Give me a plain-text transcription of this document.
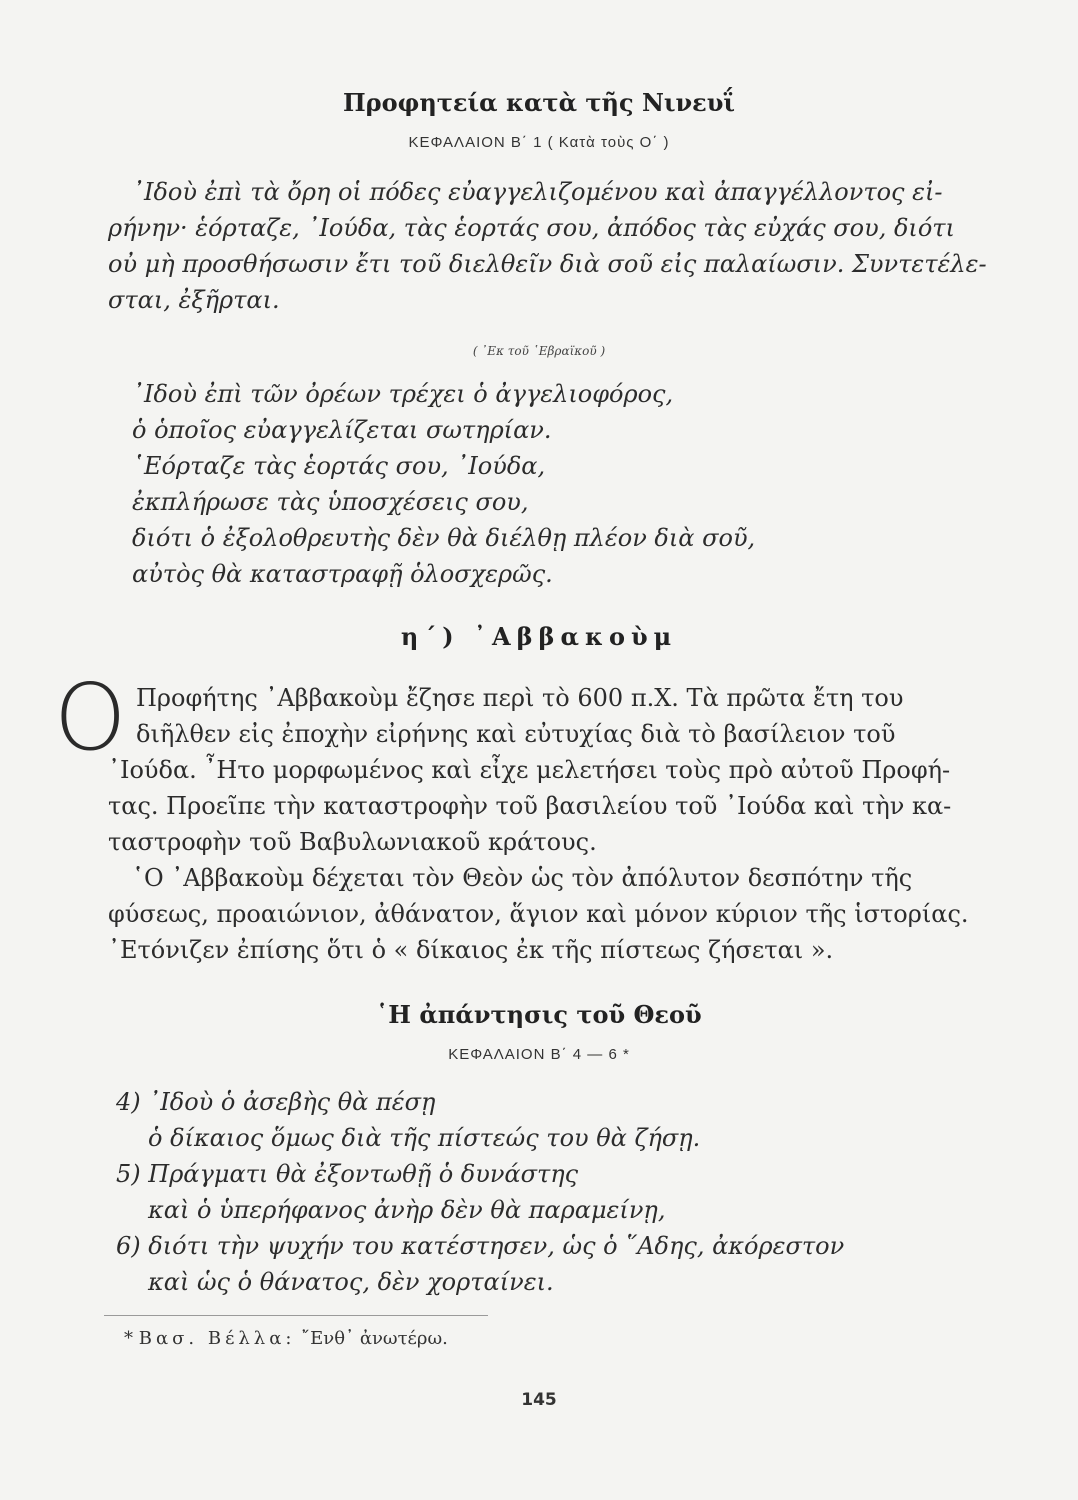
Προφητεία κατὰ τῆς Νινευΐ
ΚΕΦΑΛΑΙΟΝ Β΄ 1 ( Κατὰ τοὺς Ο΄ )
᾿Ιδοὺ ἐπὶ τὰ ὄρη οἱ πόδες εὐαγγελιζομένου καὶ ἀπαγγέλλοντος εἰ-
ρήνην· ἑόρταζε, ᾿Ιούδα, τὰς ἑορτάς σου, ἀπόδος τὰς εὐχάς σου, διότι
οὐ μὴ προσθήσωσιν ἔτι τοῦ διελθεῖν διὰ σοῦ εἰς παλαίωσιν. Συντετέλε-
σται, ἐξῆρται.
( ᾿Εκ τοῦ ῾Εβραϊκοῦ )
᾿Ιδοὺ ἐπὶ τῶν ὀρέων τρέχει ὁ ἀγγελιοφόρος,
ὁ ὁποῖος εὐαγγελίζεται σωτηρίαν.
῾Εόρταζε τὰς ἑορτάς σου, ᾿Ιούδα,
ἐκπλήρωσε τὰς ὑποσχέσεις σου,
διότι ὁ ἐξολοθρευτὴς δὲν θὰ διέλθῃ πλέον διὰ σοῦ,
αὐτὸς θὰ καταστραφῇ ὁλοσχερῶς.
η΄) ᾿Αββακοὺμ
Ο Προφήτης ᾿Αββακοὺμ ἔζησε περὶ τὸ 600 π.Χ. Τὰ πρῶτα ἔτη του
διῆλθεν εἰς ἐποχὴν εἰρήνης καὶ εὐτυχίας διὰ τὸ βασίλειον τοῦ
᾿Ιούδα. ῏Ητο μορφωμένος καὶ εἶχε μελετήσει τοὺς πρὸ αὐτοῦ Προφή-
τας. Προεῖπε τὴν καταστροφὴν τοῦ βασιλείου τοῦ ᾿Ιούδα καὶ τὴν κα-
ταστροφὴν τοῦ Βαβυλωνιακοῦ κράτους.
῾Ο ᾿Αββακοὺμ δέχεται τὸν Θεὸν ὡς τὸν ἀπόλυτον δεσπότην τῆς
φύσεως, προαιώνιον, ἀθάνατον, ἅγιον καὶ μόνον κύριον τῆς ἱστορίας.
᾿Ετόνιζεν ἐπίσης ὅτι ὁ « δίκαιος ἐκ τῆς πίστεως ζήσεται ».
῾Η ἀπάντησις τοῦ Θεοῦ
ΚΕΦΑΛΑΙΟΝ Β΄ 4 — 6 *
4) ᾿Ιδοὺ ὁ ἀσεβὴς θὰ πέσῃ
ὁ δίκαιος ὅμως διὰ τῆς πίστεώς του θὰ ζήσῃ.
5) Πράγματι θὰ ἐξοντωθῇ ὁ δυνάστης
καὶ ὁ ὑπερήφανος ἀνὴρ δὲν θὰ παραμείνῃ,
6) διότι τὴν ψυχήν του κατέστησεν, ὡς ὁ ῞Αδης, ἀκόρεστον
καὶ ὡς ὁ θάνατος, δὲν χορταίνει.
* Βασ. Βέλλα: ῎Ενθ᾿ ἀνωτέρω.
145
